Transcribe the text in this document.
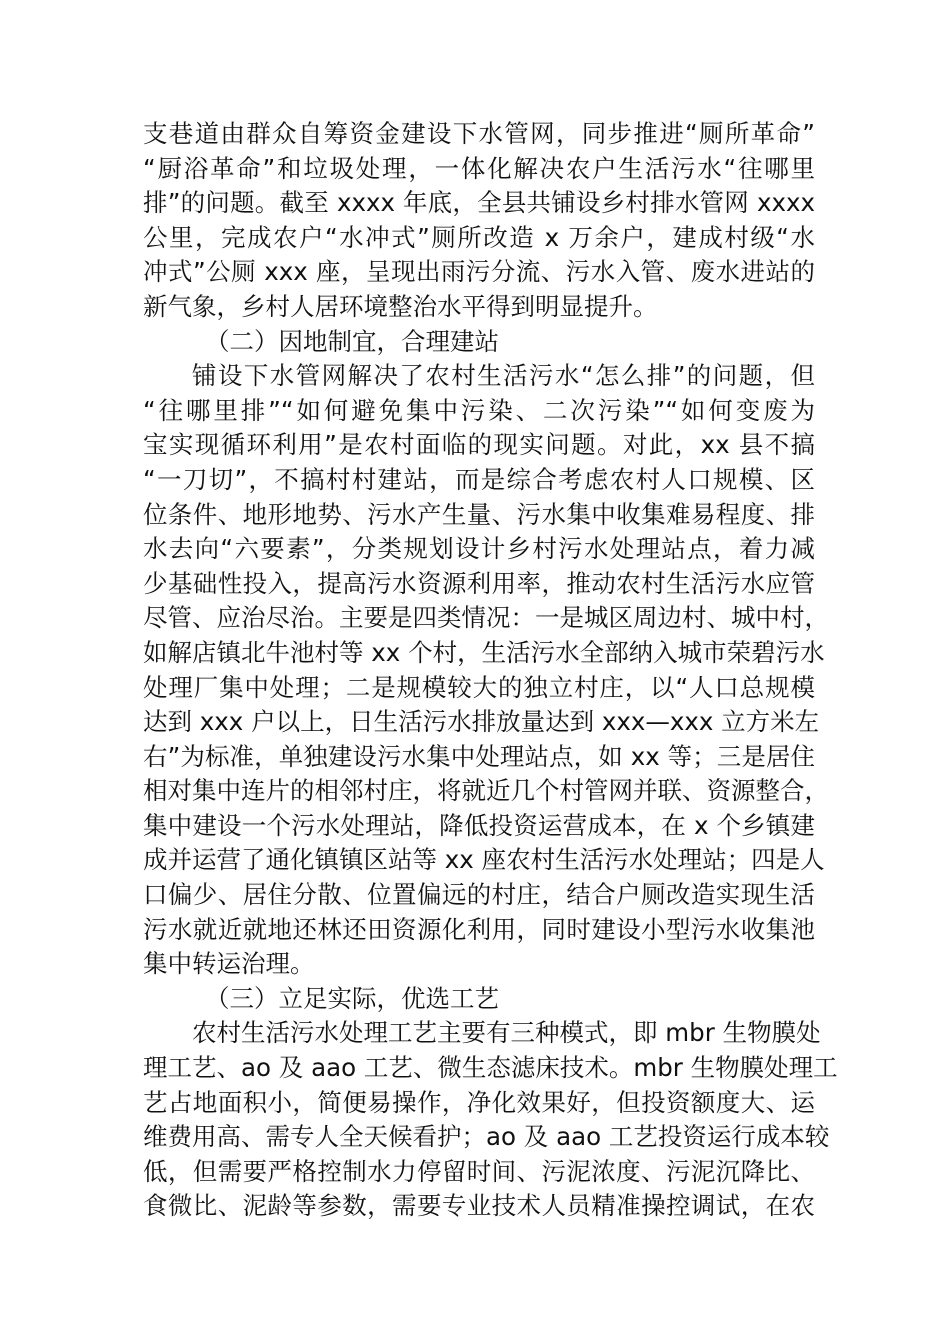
支巷道由群众自筹资金建设下水管网，同步推进“厕所革命”
“厨浴革命”和垃圾处理，一体化解决农户生活污水“往哪里
排”的问题。截至 xxxx 年底，全县共铺设乡村排水管网 xxxx
公里，完成农户“水冲式”厕所改造 x 万余户，建成村级“水
冲式”公厕 xxx 座，呈现出雨污分流、污水入管、废水进站的
新气象，乡村人居环境整治水平得到明显提升。
（二）因地制宜，合理建站
铺设下水管网解决了农村生活污水“怎么排”的问题，但
“往哪里排”“如何避免集中污染、二次污染”“如何变废为
宝实现循环利用”是农村面临的现实问题。对此，xx 县不搞
“一刀切”，不搞村村建站，而是综合考虑农村人口规模、区
位条件、地形地势、污水产生量、污水集中收集难易程度、排
水去向“六要素”，分类规划设计乡村污水处理站点，着力减
少基础性投入，提高污水资源利用率，推动农村生活污水应管
尽管、应治尽治。主要是四类情况：一是城区周边村、城中村，
如解店镇北牛池村等 xx 个村，生活污水全部纳入城市荣碧污水
处理厂集中处理；二是规模较大的独立村庄，以“人口总规模
达到 xxx 户以上，日生活污水排放量达到 xxx—xxx 立方米左
右”为标准，单独建设污水集中处理站点，如 xx 等；三是居住
相对集中连片的相邻村庄，将就近几个村管网并联、资源整合，
集中建设一个污水处理站，降低投资运营成本，在 x 个乡镇建
成并运营了通化镇镇区站等 xx 座农村生活污水处理站；四是人
口偏少、居住分散、位置偏远的村庄，结合户厕改造实现生活
污水就近就地还林还田资源化利用，同时建设小型污水收集池
集中转运治理。
（三）立足实际，优选工艺
农村生活污水处理工艺主要有三种模式，即 mbr 生物膜处
理工艺、ao 及 aao 工艺、微生态滤床技术。mbr 生物膜处理工
艺占地面积小，简便易操作，净化效果好，但投资额度大、运
维费用高、需专人全天候看护；ao 及 aao 工艺投资运行成本较
低，但需要严格控制水力停留时间、污泥浓度、污泥沉降比、
食微比、泥龄等参数，需要专业技术人员精准操控调试，在农
